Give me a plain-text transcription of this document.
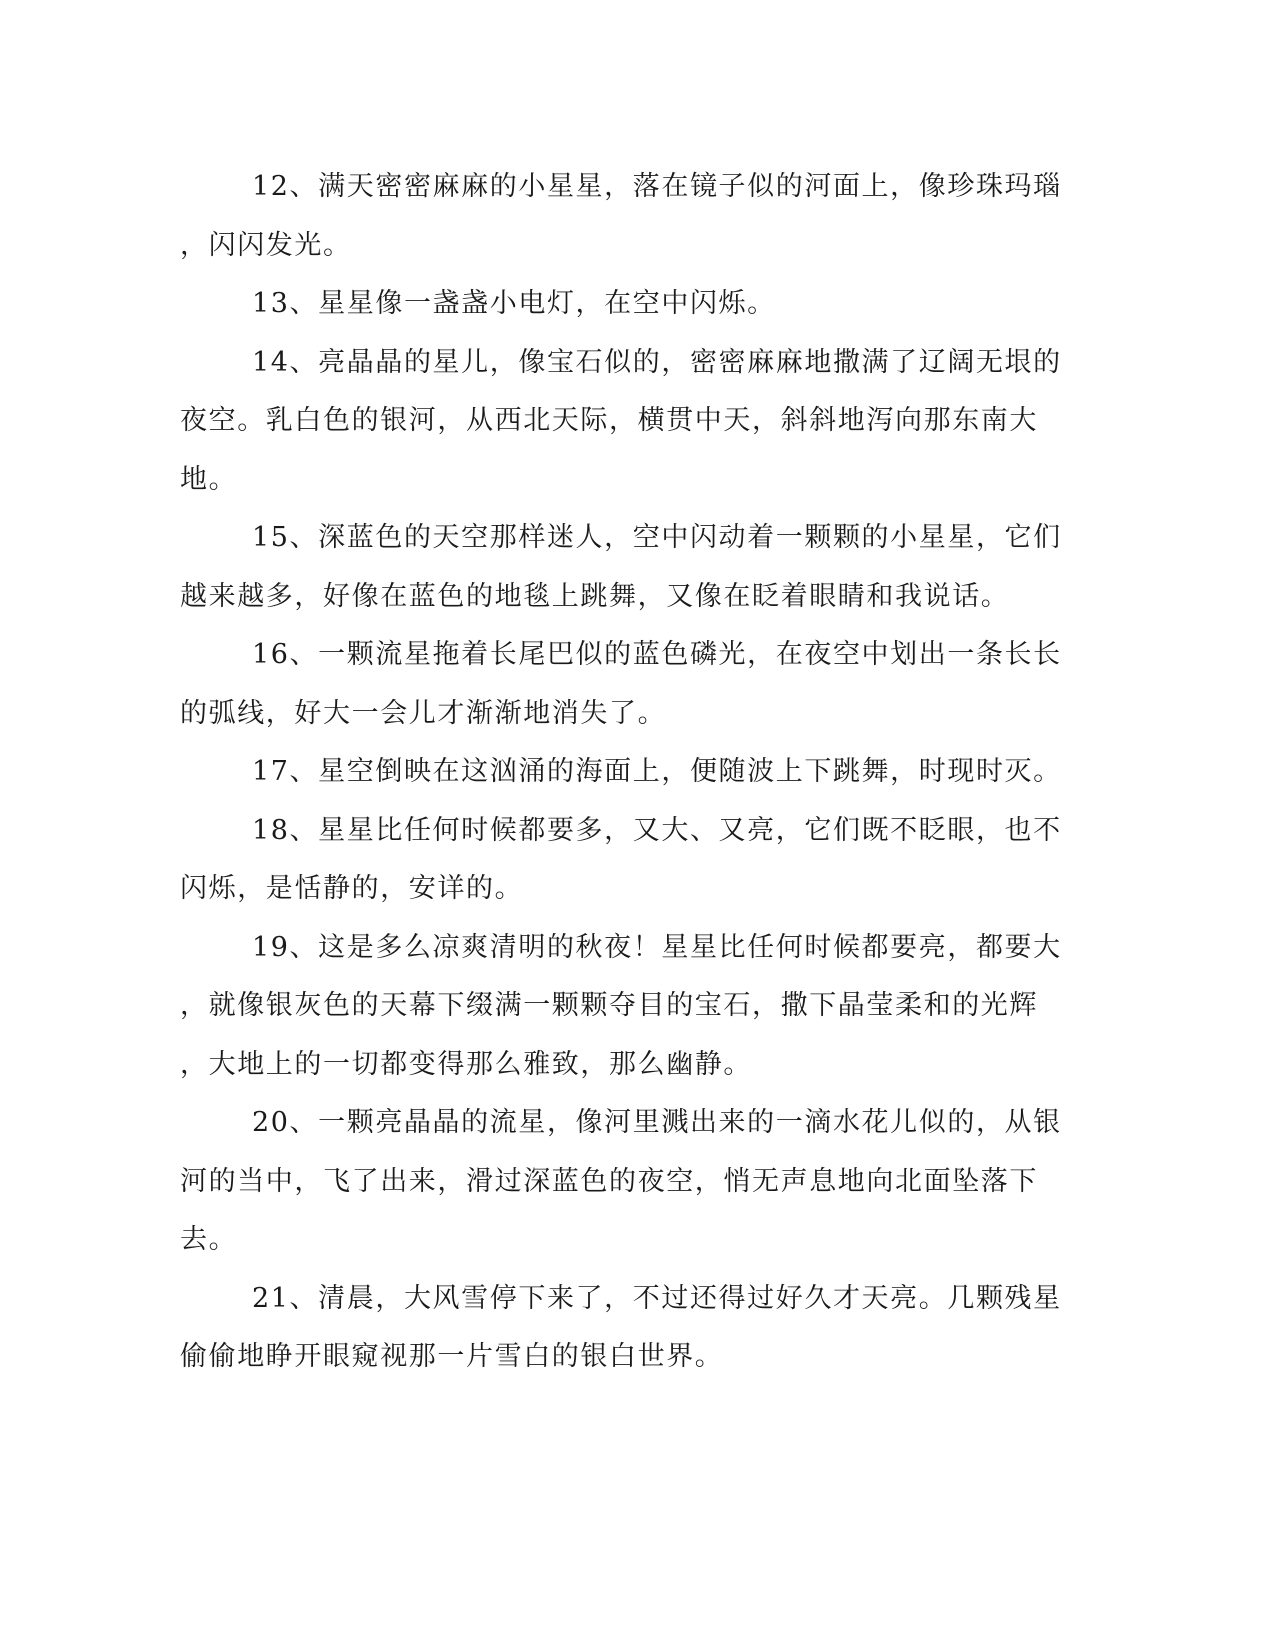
12、满天密密麻麻的小星星，落在镜子似的河面上，像珍珠玛瑙
，闪闪发光。
13、星星像一盏盏小电灯，在空中闪烁。
14、亮晶晶的星儿，像宝石似的，密密麻麻地撒满了辽阔无垠的
夜空。乳白色的银河，从西北天际，横贯中天，斜斜地泻向那东南大
地。
15、深蓝色的天空那样迷人，空中闪动着一颗颗的小星星，它们
越来越多，好像在蓝色的地毯上跳舞，又像在眨着眼睛和我说话。
16、一颗流星拖着长尾巴似的蓝色磷光，在夜空中划出一条长长
的弧线，好大一会儿才渐渐地消失了。
17、星空倒映在这汹涌的海面上，便随波上下跳舞，时现时灭。
18、星星比任何时候都要多，又大、又亮，它们既不眨眼，也不
闪烁，是恬静的，安详的。
19、这是多么凉爽清明的秋夜！星星比任何时候都要亮，都要大
，就像银灰色的天幕下缀满一颗颗夺目的宝石，撒下晶莹柔和的光辉
，大地上的一切都变得那么雅致，那么幽静。
20、一颗亮晶晶的流星，像河里溅出来的一滴水花儿似的，从银
河的当中，飞了出来，滑过深蓝色的夜空，悄无声息地向北面坠落下
去。
21、清晨，大风雪停下来了，不过还得过好久才天亮。几颗残星
偷偷地睁开眼窥视那一片雪白的银白世界。
